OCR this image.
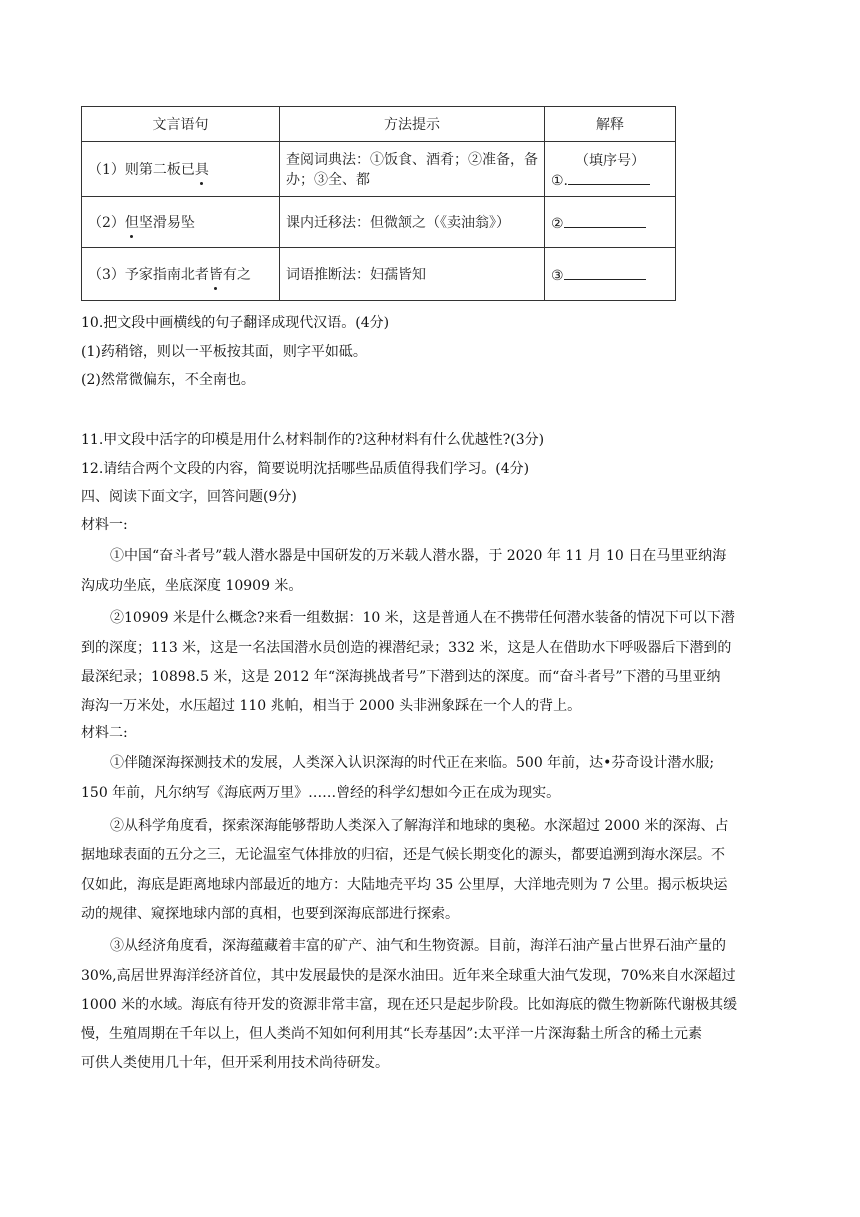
文言语句	方法提示	解释
（1）则第二板已具	查阅词典法：①饭食、酒肴；②准备，备办；③全、都	（填序号）
①.
（2）但坚滑易坠	课内迁移法：但微颔之（《卖油翁》）	②
（3）予家指南北者皆有之	词语推断法：妇孺皆知	③
10.把文段中画横线的句子翻译成现代汉语。(4分)
(1)药稍镕，则以一平板按其面，则字平如砥。
(2)然常微偏东，不全南也。
11.甲文段中活字的印模是用什么材料制作的?这种材料有什么优越性?(3分)
12.请结合两个文段的内容，简要说明沈括哪些品质值得我们学习。(4分)
四、阅读下面文字，回答问题(9分)
材料一:
①中国“奋斗者号”载人潜水器是中国研发的万米载人潜水器，于 2020 年 11 月 10 日在马里亚纳海
沟成功坐底，坐底深度 10909 米。
②10909 米是什么概念?来看一组数据：10 米，这是普通人在不携带任何潜水装备的情况下可以下潜
到的深度；113 米，这是一名法国潜水员创造的裸潜纪录；332 米，这是人在借助水下呼吸器后下潜到的
最深纪录；10898.5 米，这是 2012 年“深海挑战者号”下潜到达的深度。而“奋斗者号”下潜的马里亚纳
海沟一万米处，水压超过 110 兆帕，相当于 2000 头非洲象踩在一个人的背上。
材料二:
①伴随深海探测技术的发展，人类深入认识深海的时代正在来临。500 年前，达•芬奇设计潜水服;
150 年前，凡尔纳写《海底两万里》……曾经的科学幻想如今正在成为现实。
②从科学角度看，探索深海能够帮助人类深入了解海洋和地球的奥秘。水深超过 2000 米的深海、占
据地球表面的五分之三，无论温室气体排放的归宿，还是气候长期变化的源头，都要追溯到海水深层。不
仅如此，海底是距离地球内部最近的地方：大陆地壳平均 35 公里厚，大洋地壳则为 7 公里。揭示板块运
动的规律、窥探地球内部的真相，也要到深海底部进行探索。
③从经济角度看，深海蕴藏着丰富的矿产、油气和生物资源。目前，海洋石油产量占世界石油产量的
30%,高居世界海洋经济首位，其中发展最快的是深水油田。近年来全球重大油气发现，70%来自水深超过
1000 米的水域。海底有待开发的资源非常丰富，现在还只是起步阶段。比如海底的微生物新陈代谢极其缓
慢，生殖周期在千年以上，但人类尚不知如何利用其“长寿基因”:太平洋一片深海黏土所含的稀土元素
可供人类使用几十年，但开采利用技术尚待研发。
